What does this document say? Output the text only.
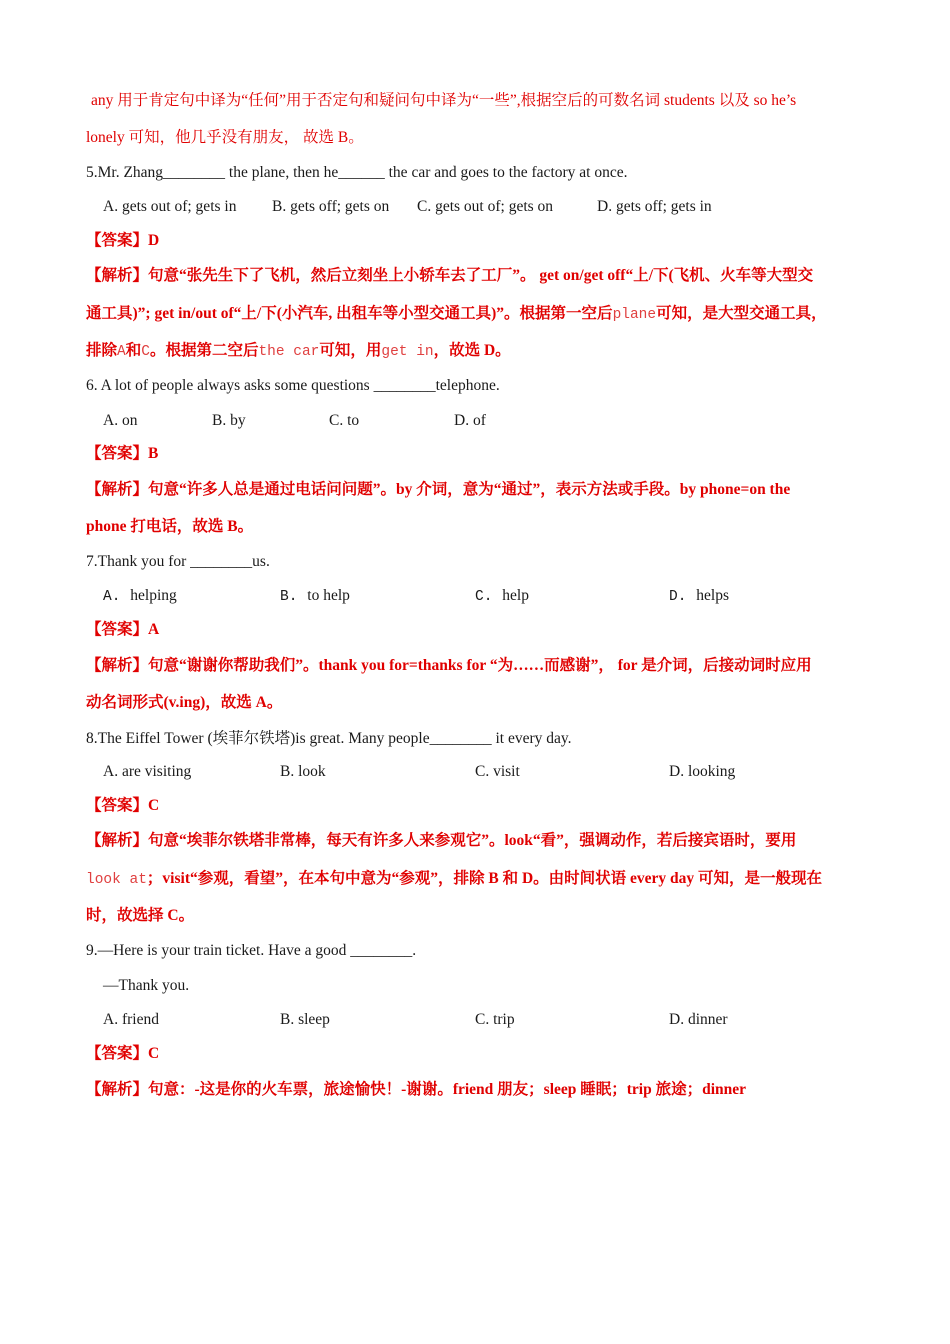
any 用于肯定句中译为“任何”用于否定句和疑问句中译为“一些”,根据空后的可数名词 students 以及 so he’s
lonely 可知，他几乎没有朋友， 故选 B。
5.Mr. Zhang________ the plane, then he______ the car and goes to the factory at once.
A. gets out of; gets in B. gets off; gets on C. gets out of; gets on	D. gets off; gets in
【答案】D
【解析】句意“张先生下了飞机，然后立刻坐上小轿车去了工厂”。 get on/get off“上/下(飞机、火车等大型交
通工具)”; get in/out of“上/下(小汽车, 出租车等小型交通工具)”。根据第一空后plane可知，是大型交通工具，
排除A和C。根据第二空后the car可知，用get in，故选 D。
6. A lot of people always asks some questions ________telephone.
A. on	B. by	C. to	D. of
【答案】B
【解析】句意“许多人总是通过电话问问题”。by 介词，意为“通过”，表示方法或手段。by phone=on the
phone 打电话，故选 B。
7.Thank you for ________us.
A. helping	B. to help	C. help	D. helps
【答案】A
【解析】句意“谢谢你帮助我们”。thank you for=thanks for “为……而感谢”， for 是介词，后接动词时应用
动名词形式(v.ing)，故选 A。
8.The Eiffel Tower (埃菲尔铁塔)is great. Many people________ it every day.
A. are visiting	B. look	C. visit	D. looking
【答案】C
【解析】句意“埃菲尔铁塔非常棒，每天有许多人来参观它”。look“看”，强调动作，若后接宾语时，要用
look at；visit“参观，看望”，在本句中意为“参观”，排除 B 和 D。由时间状语 every day 可知，是一般现在
时，故选择 C。
9.—Here is your train ticket. Have a good ________.
—Thank you.
A. friend	B. sleep	C. trip	D. dinner
【答案】C
【解析】句意：-这是你的火车票，旅途愉快！-谢谢。friend 朋友；sleep 睡眠；trip 旅途；dinner
